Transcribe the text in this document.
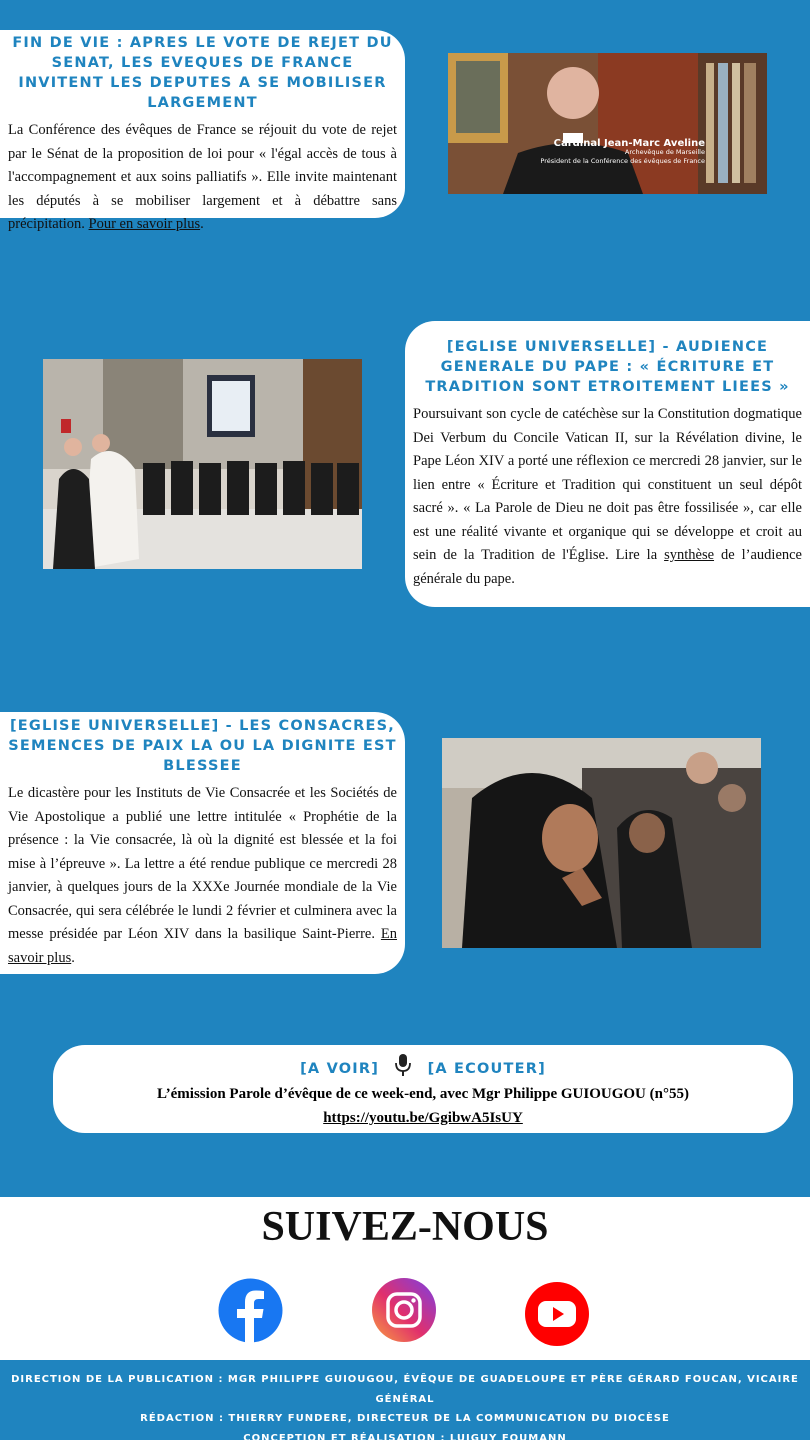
FIN DE VIE : APRES LE VOTE DE REJET DU SENAT, LES EVEQUES DE FRANCE INVITENT LES DEPUTES A SE MOBILISER LARGEMENT

La Conférence des évêques de France se réjouit du vote de rejet par le Sénat de la proposition de loi pour « l'égal accès de tous à l'accompagnement et aux soins palliatifs ». Elle invite maintenant les députés à se mobiliser largement et à débattre sans précipitation. Pour en savoir plus.

Cardinal Jean-Marc Aveline
Archevêque de Marseille
Président de la Conférence des évêques de France
[EGLISE UNIVERSELLE] - AUDIENCE GENERALE DU PAPE : « ÉCRITURE ET TRADITION SONT ETROITEMENT LIEES »

Poursuivant son cycle de catéchèse sur la Constitution dogmatique Dei Verbum du Concile Vatican II, sur la Révélation divine, le Pape Léon XIV a porté une réflexion ce mercredi 28 janvier, sur le lien entre « Écriture et Tradition qui constituent un seul dépôt sacré ». « La Parole de Dieu ne doit pas être fossilisée », car elle est une réalité vivante et organique qui se développe et croit au sein de la Tradition de l'Église. Lire la synthèse de l’audience générale du pape.

[EGLISE UNIVERSELLE] - LES CONSACRES, SEMENCES DE PAIX LA OU LA DIGNITE EST BLESSEE

Le dicastère pour les Instituts de Vie Consacrée et les Sociétés de Vie Apostolique a publié une lettre intitulée « Prophétie de la présence : la Vie consacrée, là où la dignité est blessée et la foi mise à l’épreuve ». La lettre a été rendue publique ce mercredi 28 janvier, à quelques jours de la XXXe Journée mondiale de la Vie Consacrée, qui sera célébrée le lundi 2 février et culminera avec la messe présidée par Léon XIV dans la basilique Saint-Pierre. En savoir plus.

[A VOIR]	[A ECOUTER]
L’émission Parole d’évêque de ce week-end, avec Mgr Philippe GUIOUGOU (n°55)
https://youtu.be/GgibwA5IsUY
SUIVEZ-NOUS
DIRECTION DE LA PUBLICATION : MGR PHILIPPE GUIOUGOU, ÉVÊQUE DE GUADELOUPE ET PÈRE GÉRARD FOUCAN, VICAIRE GÉNÉRAL
RÉDACTION : THIERRY FUNDERE, DIRECTEUR DE LA COMMUNICATION DU DIOCÈSE
CONCEPTION ET RÉALISATION : LUIGUY FOUMANN
